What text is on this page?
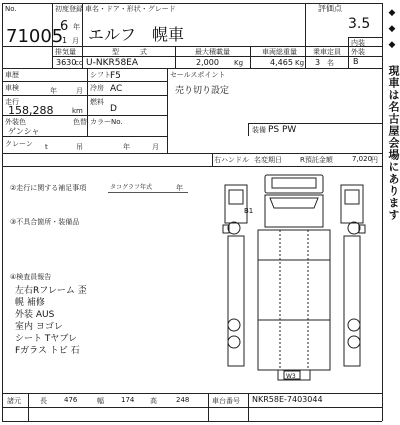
No.
71005
初度登録
6 年
1 月
車名・ドア・形状・グレード
エルフ　幌車
評価点
3.5
内装
外装
B
排気量
3630
cc
型　　　式
U-NKR58EA
最大積載量
2,000 Kg
車両総重量
4,465 Kg
乗車定員
3 名
車歴	シフト F5	セールスポイント
売り切り設定
車検	年	月 冷房 AC
走行
158,288	km
燃料
D
外装色
ゲンシャ
色替 カラーNo.
クレーン t	吊	年	月
装備 PS PW
右ハンドル 名変期日	R預託金額	7,020
円
②走行に関する補足事項	タコグラフ年式	年
③不具合箇所・装備品
④検査員報告
左右Rフレーム 歪
幌 補修
外装 AUS
室内 ヨゴレ
シート Tヤブレ
Fガラス トビ 石
B1
W3
諸元	長 476	幅 174 高	248	車台番号 NKR58E-7403044
◆◆◆
現車は名古屋会場にあります
